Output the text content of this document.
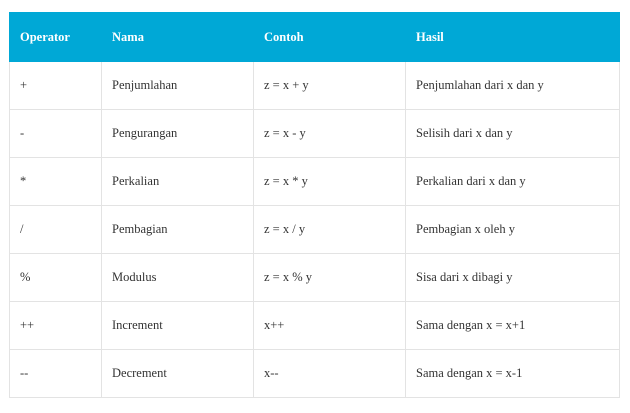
Operator	Nama	Contoh	Hasil
+	Penjumlahan	z = x + y	Penjumlahan dari x dan y
-	Pengurangan	z = x - y	Selisih dari x dan y
*	Perkalian	z = x * y	Perkalian dari x dan y
/	Pembagian	z = x / y	Pembagian x oleh y
%	Modulus	z = x % y	Sisa dari x dibagi y
++	Increment	x++	Sama dengan x = x+1
--	Decrement	x--	Sama dengan x = x-1
